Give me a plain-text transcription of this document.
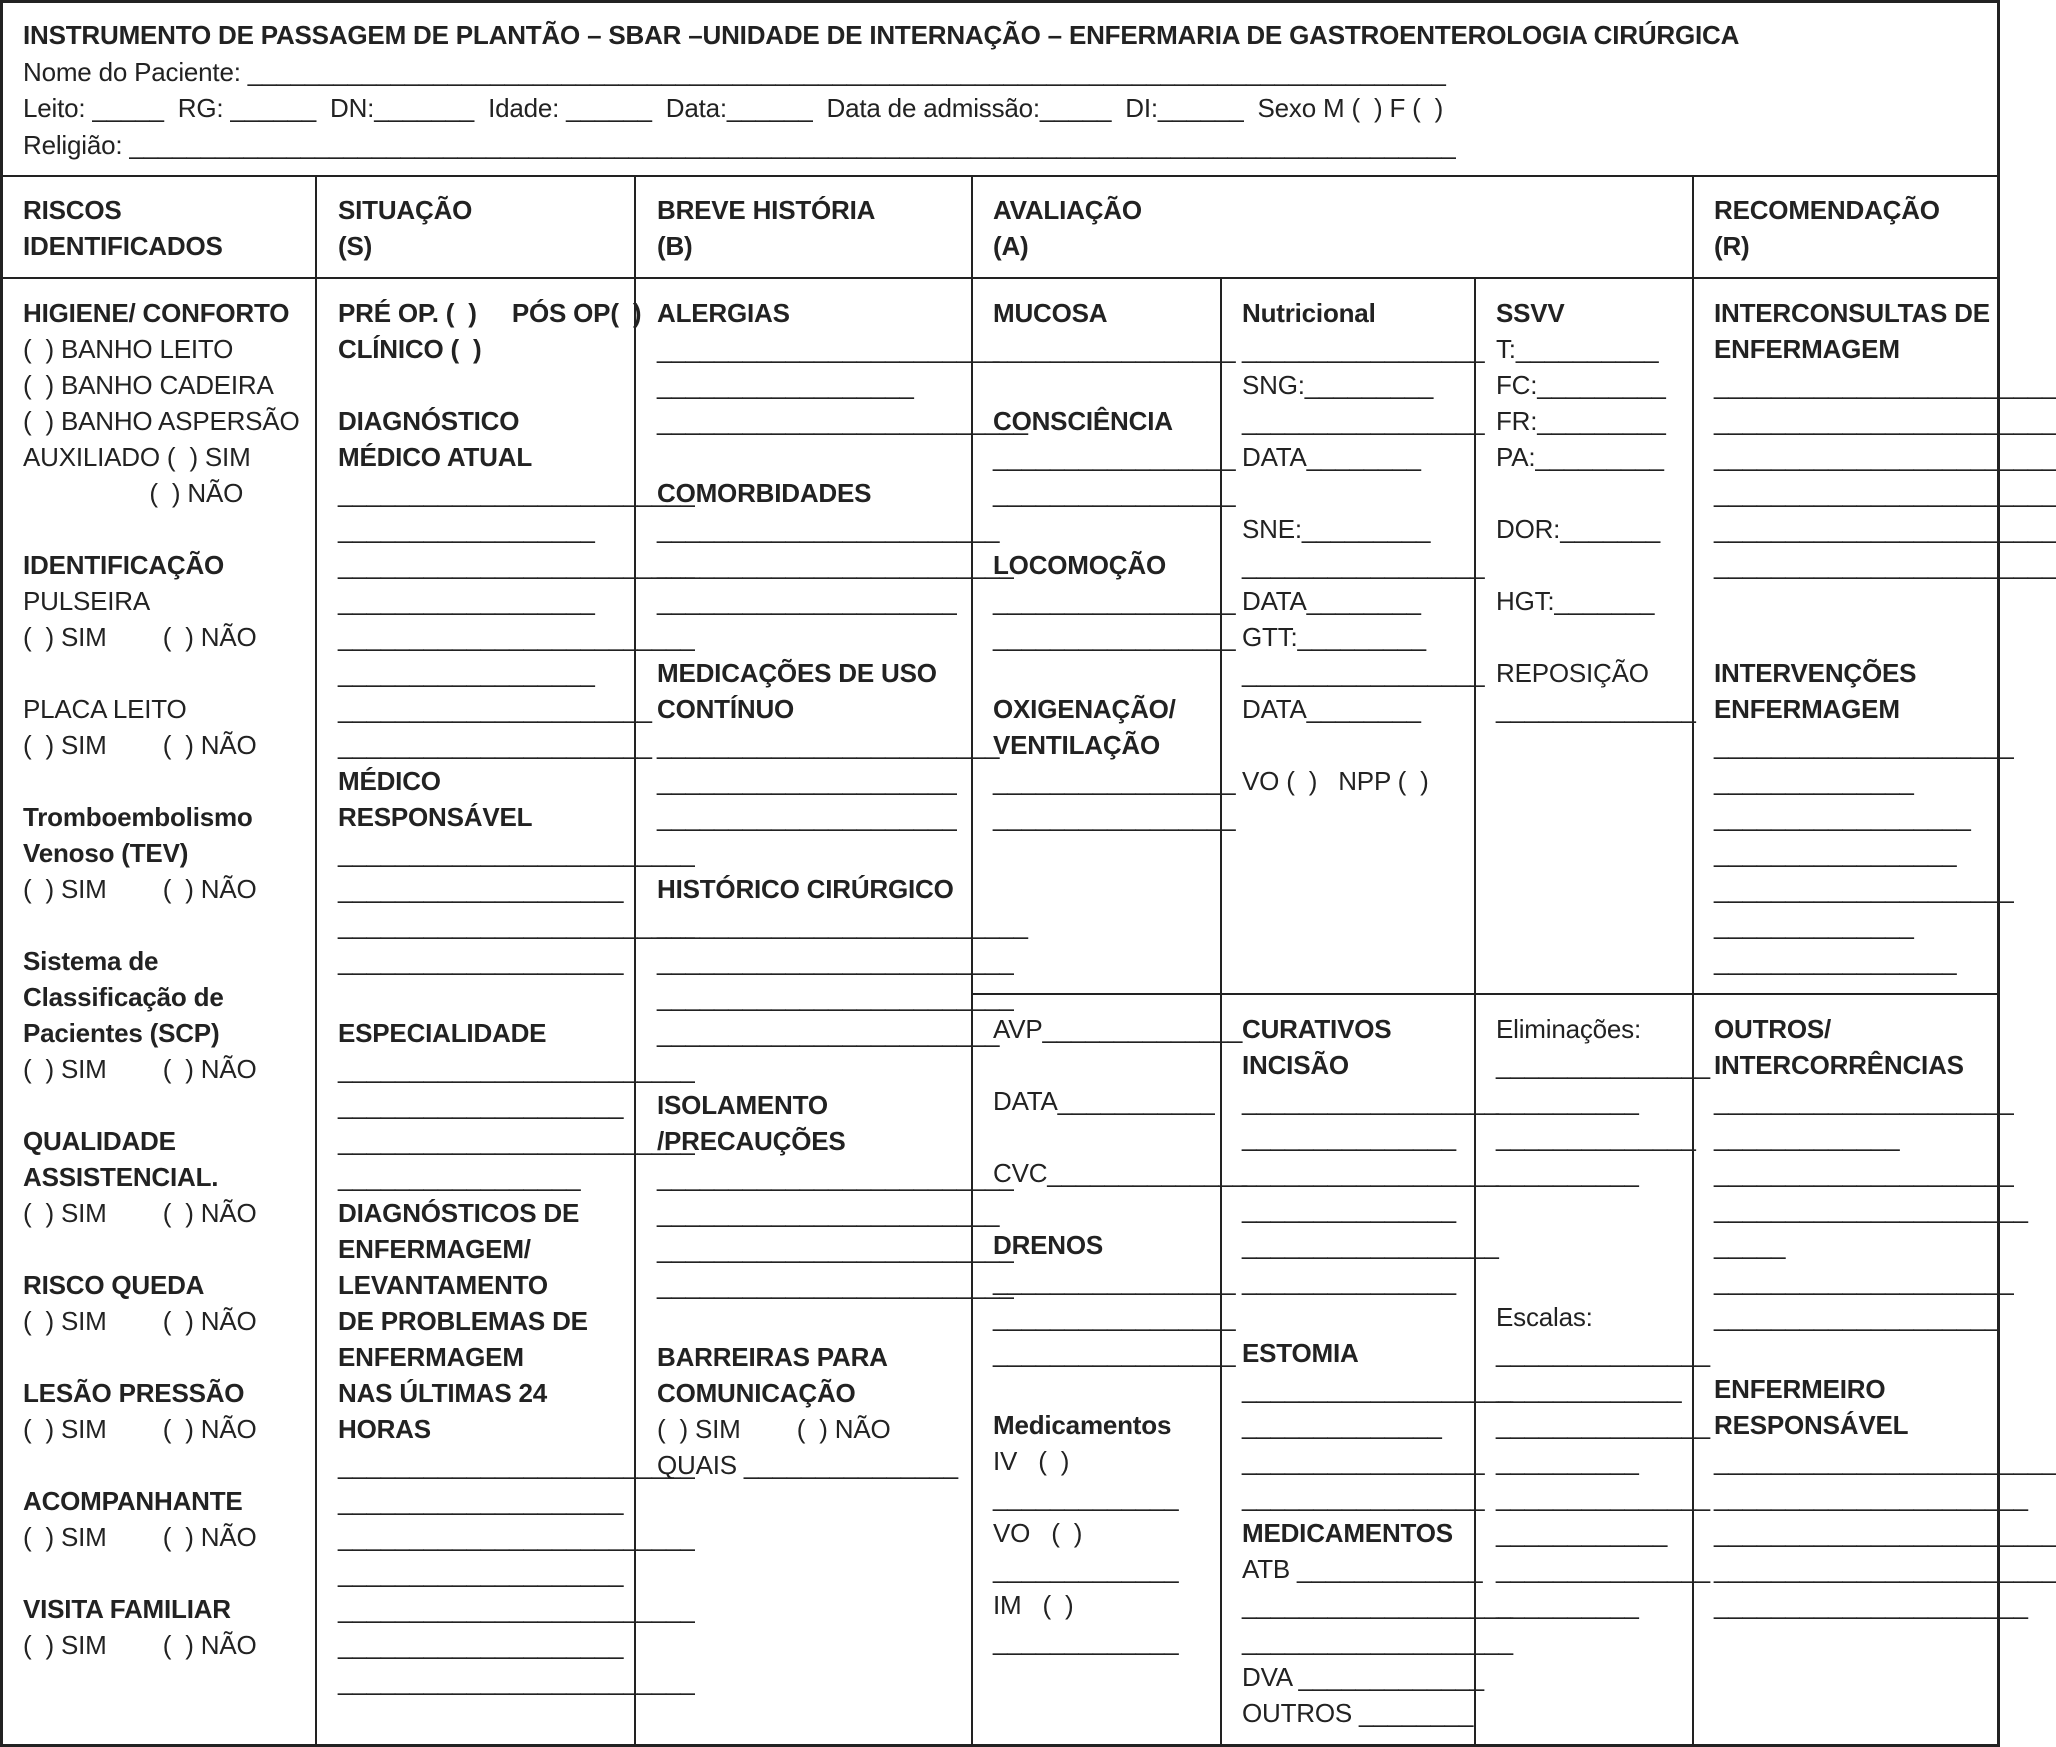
INSTRUMENTO DE PASSAGEM DE PLANTÃO – SBAR –UNIDADE DE INTERNAÇÃO – ENFERMARIA DE GASTROENTEROLOGIA CIRÚRGICA
Nome do Paciente: ____________________________________________________________________________________
Leito: _____  RG: ______  DN:_______  Idade: ______  Data:______  Data de admissão:_____  DI:______  Sexo M (  ) F (  )
Religião: _____________________________________________________________________________________________
RISCOS
IDENTIFICADOS
SITUAÇÃO
(S)
BREVE HISTÓRIA
(B)
AVALIAÇÃO
(A)
RECOMENDAÇÃO
(R)
HIGIENE/ CONFORTO
(  ) BANHO LEITO
(  ) BANHO CADEIRA
(  ) BANHO ASPERSÃO
AUXILIADO (  ) SIM
(  ) NÃO
IDENTIFICAÇÃO
PULSEIRA
(  ) SIM        (  ) NÃO
PLACA LEITO
(  ) SIM        (  ) NÃO
Tromboembolismo
Venoso (TEV)
(  ) SIM        (  ) NÃO
Sistema de
Classificação de
Pacientes (SCP)
(  ) SIM        (  ) NÃO
QUALIDADE
ASSISTENCIAL.
(  ) SIM        (  ) NÃO
RISCO QUEDA
(  ) SIM        (  ) NÃO
LESÃO PRESSÃO
(  ) SIM        (  ) NÃO
ACOMPANHANTE
(  ) SIM        (  ) NÃO
VISITA FAMILIAR
(  ) SIM        (  ) NÃO
PRÉ OP. (  )     PÓS OP(  )
CLÍNICO (  )
DIAGNÓSTICO
MÉDICO ATUAL
_________________________
__________________
_________________________
__________________
_________________________
__________________
______________________
______________________
MÉDICO
RESPONSÁVEL
_________________________
____________________
_________________________
____________________
ESPECIALIDADE
_________________________
____________________
_________________________
_________________
DIAGNÓSTICOS DE
ENFERMAGEM/
LEVANTAMENTO
DE PROBLEMAS DE
ENFERMAGEM
NAS ÚLTIMAS 24
HORAS
_________________________
____________________
_________________________
____________________
_________________________
____________________
_________________________
ALERGIAS
________________________
__________________
__________________________
COMORBIDADES
________________________
_________________________
_____________________
MEDICAÇÕES DE USO
CONTÍNUO
________________________
_____________________
_____________________
HISTÓRICO CIRÚRGICO
__________________________
_________________________
_________________________
________________________
ISOLAMENTO
/PRECAUÇÕES
_________________________
________________________
_________________________
_________________________
BARREIRAS PARA
COMUNICAÇÃO
(  ) SIM        (  ) NÃO
QUAIS _______________
MUCOSA
_________________
CONSCIÊNCIA
_________________
_________________
LOCOMOÇÃO
_________________
_________________
OXIGENAÇÃO/
VENTILAÇÃO
_________________
_________________
Nutricional
_________________
SNG:_________
_________________
DATA________
SNE:_________
_________________
DATA________
GTT:_________
_________________
DATA________
VO (  )   NPP (  )
SSVV
T:__________
FC:_________
FR:_________
PA:_________
DOR:_______
HGT:_______
REPOSIÇÃO
______________
INTERCONSULTAS DE
ENFERMAGEM
________________________
________________________
________________________
________________________
________________________
________________________
INTERVENÇÕES
ENFERMAGEM
_____________________
______________
__________________
_________________
_____________________
______________
_________________
AVP______________
DATA___________
CVC______________
DRENOS
_________________
_________________
_________________
Medicamentos
IV   (  )
_____________
VO   (  )
_____________
IM   (  )
_____________
CURATIVOS
INCISÃO
__________________
_______________
__________________
_______________
__________________
_______________
ESTOMIA
___________________
______________
_________________
_________________
MEDICAMENTOS
ATB _____________
___________________
___________________
DVA _____________
OUTROS ________
Eliminações:
_______________
__________
______________
__________
Escalas:
_______________
_____________
_______________
__________
_______________
____________
_______________
__________
OUTROS/
INTERCORRÊNCIAS
_____________________
_____________
_____________________
______________________
_____
_____________________
____________________
ENFERMEIRO
RESPONSÁVEL
________________________
______________________
________________________
________________________
______________________
